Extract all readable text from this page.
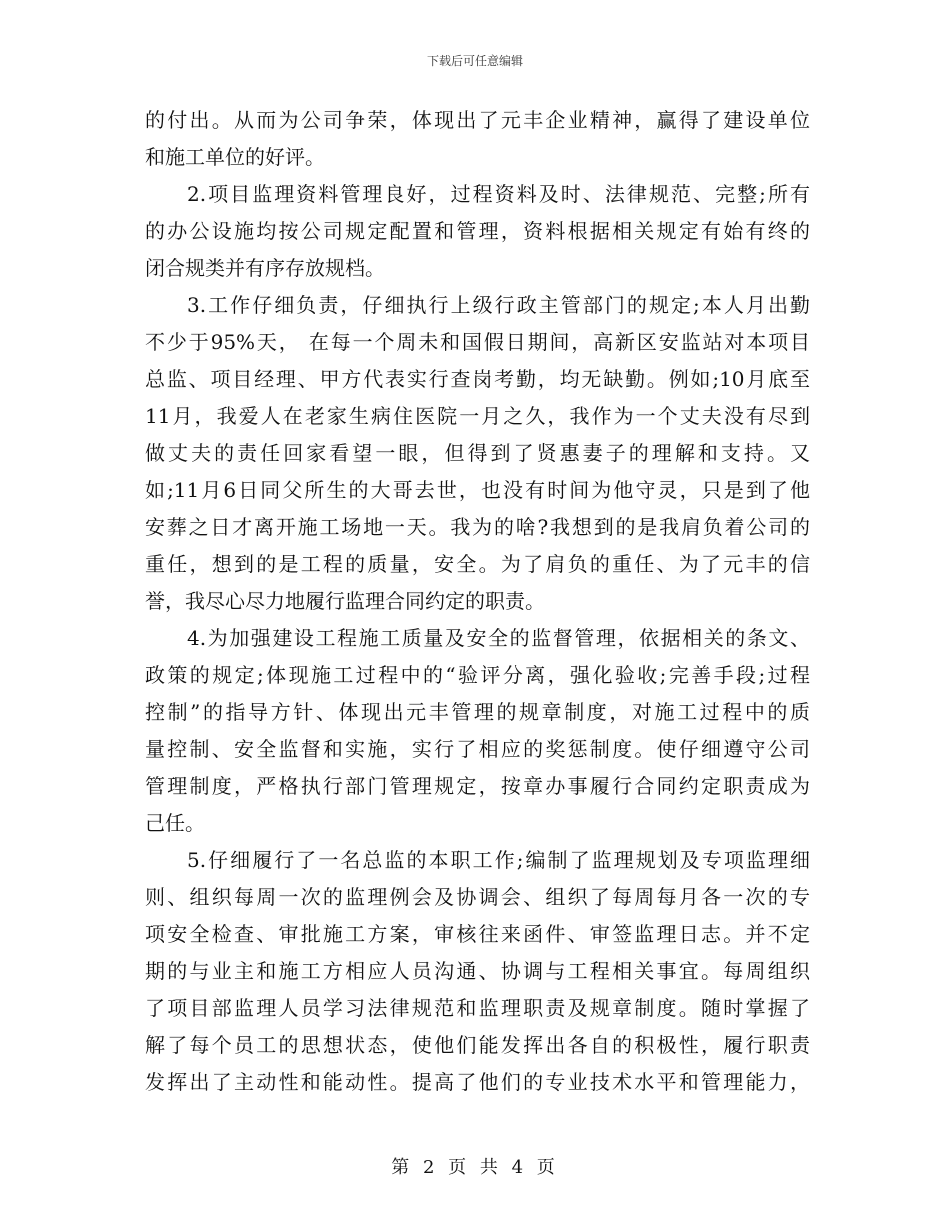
下载后可任意编辑
的付出。从而为公司争荣，体现出了元丰企业精神，赢得了建设单位
和施工单位的好评。
2.项目监理资料管理良好，过程资料及时、法律规范、完整;所有
的办公设施均按公司规定配置和管理，资料根据相关规定有始有终的
闭合规类并有序存放规档。
3.工作仔细负责，仔细执行上级行政主管部门的规定;本人月出勤
不少于95%天， 在每一个周未和国假日期间，高新区安监站对本项目
总监、项目经理、甲方代表实行查岗考勤，均无缺勤。例如;10月底至
11月，我爱人在老家生病住医院一月之久，我作为一个丈夫没有尽到
做丈夫的责任回家看望一眼，但得到了贤惠妻子的理解和支持。又
如;11月6日同父所生的大哥去世，也没有时间为他守灵，只是到了他
安葬之日才离开施工场地一天。我为的啥?我想到的是我肩负着公司的
重任，想到的是工程的质量，安全。为了肩负的重任、为了元丰的信
誉，我尽心尽力地履行监理合同约定的职责。
4.为加强建设工程施工质量及安全的监督管理，依据相关的条文、
政策的规定;体现施工过程中的“验评分离，强化验收;完善手段;过程
控制”的指导方针、体现出元丰管理的规章制度，对施工过程中的质
量控制、安全监督和实施，实行了相应的奖惩制度。使仔细遵守公司
管理制度，严格执行部门管理规定，按章办事履行合同约定职责成为
己任。
5.仔细履行了一名总监的本职工作;编制了监理规划及专项监理细
则、组织每周一次的监理例会及协调会、组织了每周每月各一次的专
项安全检查、审批施工方案，审核往来函件、审签监理日志。并不定
期的与业主和施工方相应人员沟通、协调与工程相关事宜。每周组织
了项目部监理人员学习法律规范和监理职责及规章制度。随时掌握了
解了每个员工的思想状态，使他们能发挥出各自的积极性，履行职责
发挥出了主动性和能动性。提高了他们的专业技术水平和管理能力，
第 2 页 共 4 页
